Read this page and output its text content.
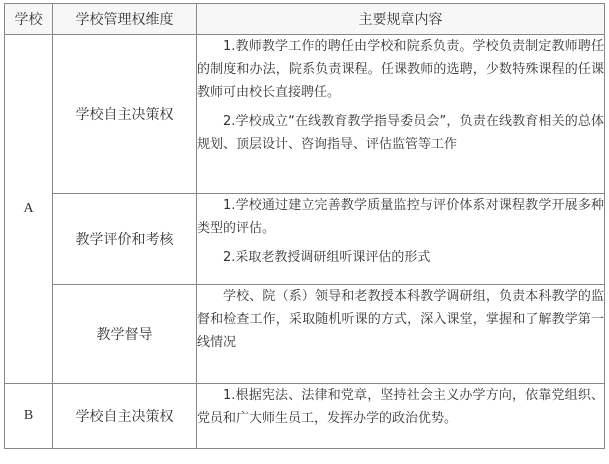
学校	学校管理权维度	主要规章内容
A	学校自主决策权	1.教师教学工作的聘任由学校和院系负责。学校负责制定教师聘任的制度和办法，院系负责课程。任课教师的选聘，少数特殊课程的任课教师可由校长直接聘任。

2.学校成立“在线教育教学指导委员会”，负责在线教育相关的总体规划、顶层设计、咨询指导、评估监管等工作

	教学评价和考核	1.学校通过建立完善教学质量监控与评价体系对课程教学开展多种类型的评估。

2.采取老教授调研组听课评估的形式

	教学督导	学校、院（系）领导和老教授本科教学调研组，负责本科教学的监督和检查工作，采取随机听课的方式，深入课堂，掌握和了解教学第一线情况

B	学校自主决策权	1.根据宪法、法律和党章，坚持社会主义办学方向，依靠党组织、党员和广大师生员工，发挥办学的政治优势。
